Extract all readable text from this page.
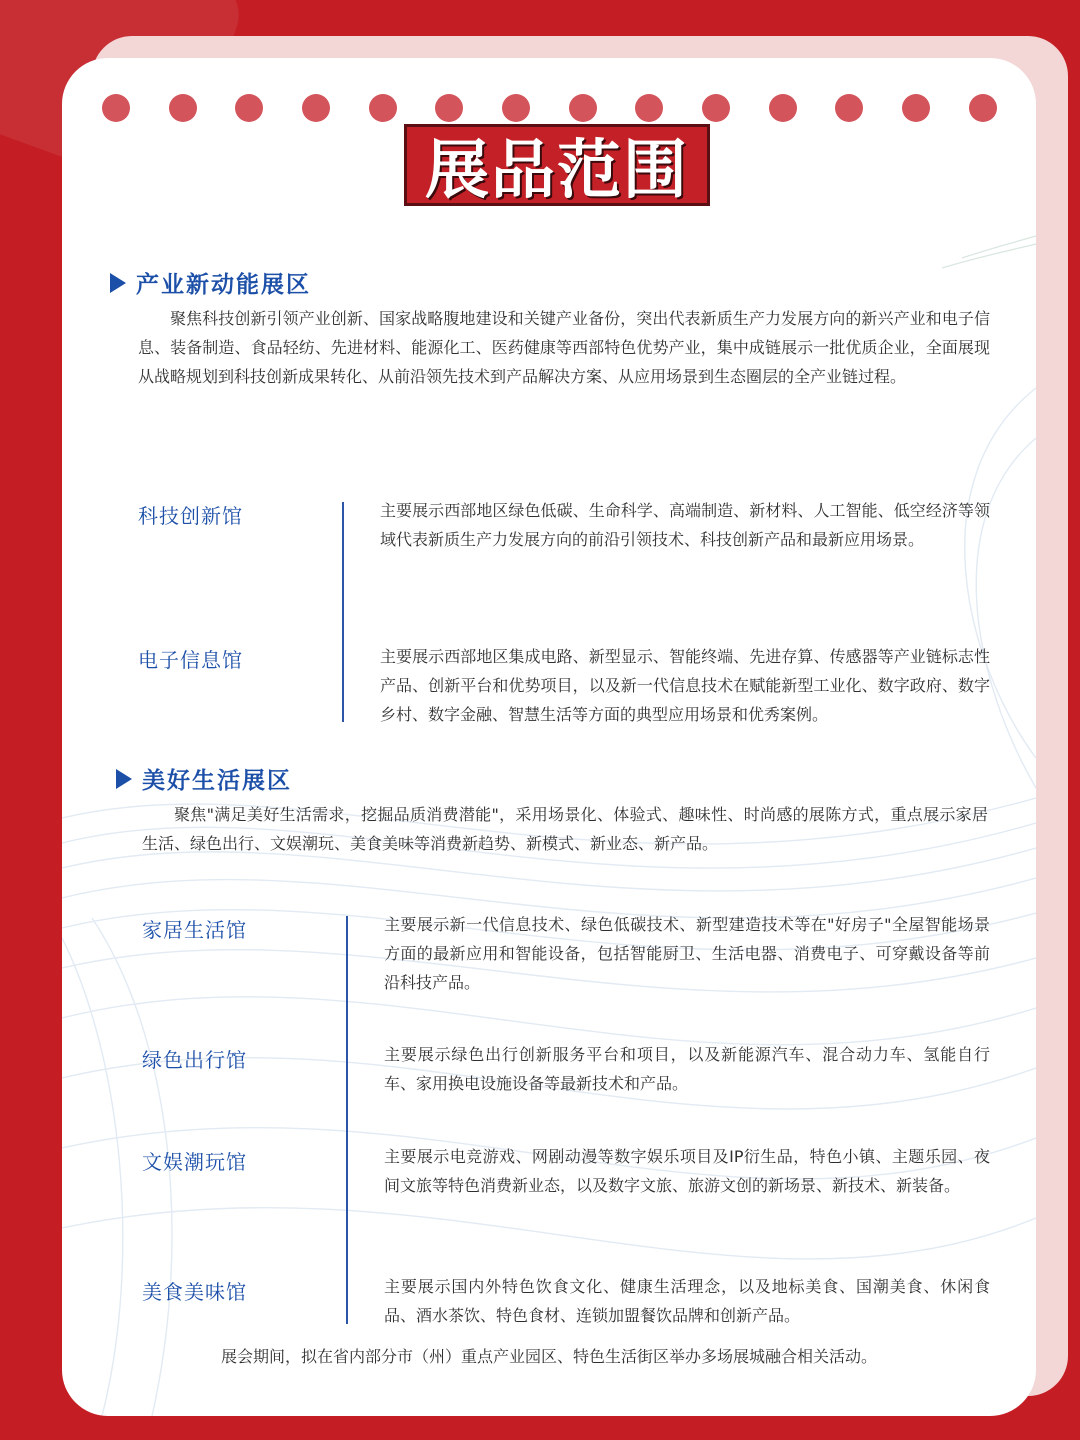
展品范围
产业新动能展区
聚焦科技创新引领产业创新、国家战略腹地建设和关键产业备份，突出代表新质生产力发展方向的新兴产业和电子信息、装备制造、食品轻纺、先进材料、能源化工、医药健康等西部特色优势产业，集中成链展示一批优质企业，全面展现从战略规划到科技创新成果转化、从前沿领先技术到产品解决方案、从应用场景到生态圈层的全产业链过程。
科技创新馆	主要展示西部地区绿色低碳、生命科学、高端制造、新材料、人工智能、低空经济等领域代表新质生产力发展方向的前沿引领技术、科技创新产品和最新应用场景。
电子信息馆	主要展示西部地区集成电路、新型显示、智能终端、先进存算、传感器等产业链标志性产品、创新平台和优势项目，以及新一代信息技术在赋能新型工业化、数字政府、数字乡村、数字金融、智慧生活等方面的典型应用场景和优秀案例。
美好生活展区
聚焦"满足美好生活需求，挖掘品质消费潜能"，采用场景化、体验式、趣味性、时尚感的展陈方式，重点展示家居生活、绿色出行、文娱潮玩、美食美味等消费新趋势、新模式、新业态、新产品。
家居生活馆	主要展示新一代信息技术、绿色低碳技术、新型建造技术等在"好房子"全屋智能场景方面的最新应用和智能设备，包括智能厨卫、生活电器、消费电子、可穿戴设备等前沿科技产品。
绿色出行馆	主要展示绿色出行创新服务平台和项目，以及新能源汽车、混合动力车、氢能自行车、家用换电设施设备等最新技术和产品。
文娱潮玩馆	主要展示电竞游戏、网剧动漫等数字娱乐项目及IP衍生品，特色小镇、主题乐园、夜间文旅等特色消费新业态，以及数字文旅、旅游文创的新场景、新技术、新装备。
美食美味馆	主要展示国内外特色饮食文化、健康生活理念，以及地标美食、国潮美食、休闲食品、酒水茶饮、特色食材、连锁加盟餐饮品牌和创新产品。
展会期间，拟在省内部分市（州）重点产业园区、特色生活街区举办多场展城融合相关活动。
